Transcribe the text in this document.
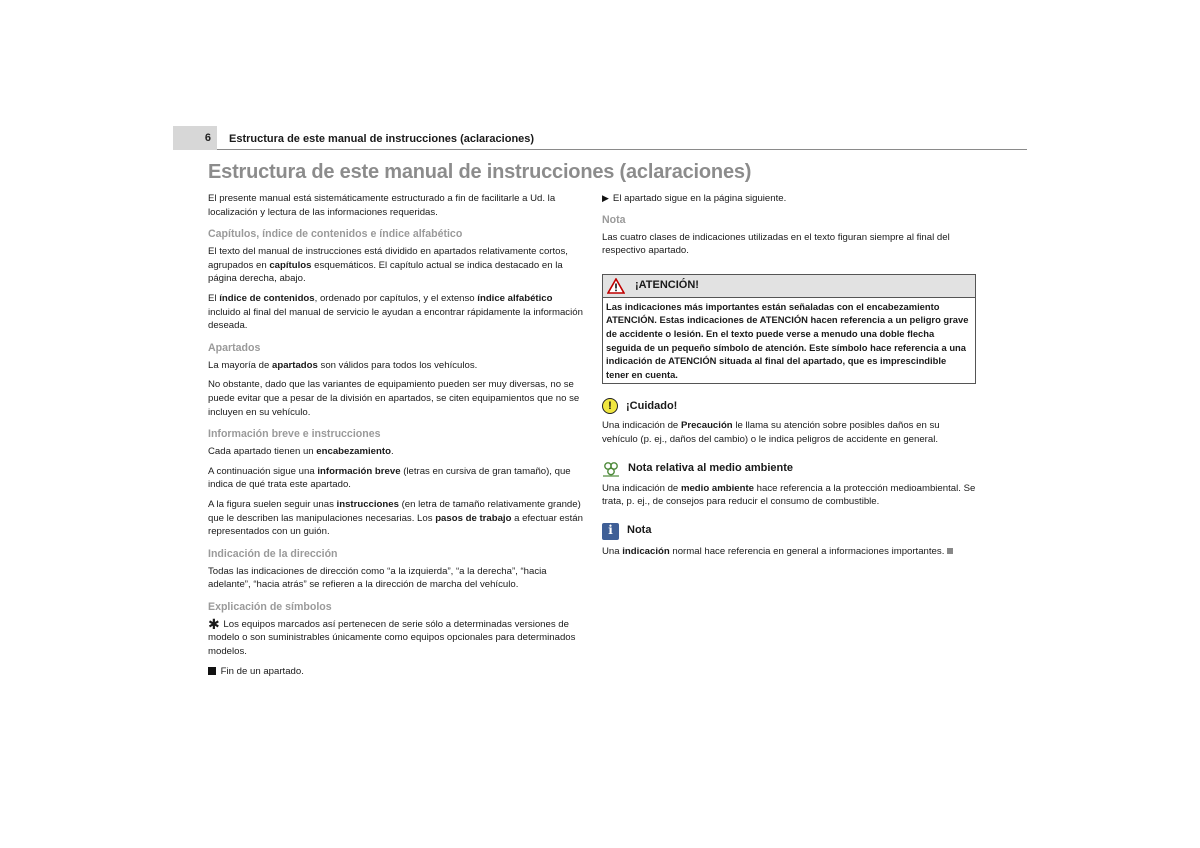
6	Estructura de este manual de instrucciones (aclaraciones)
Estructura de este manual de instrucciones (aclaraciones)

El presente manual está sistemáticamente estructurado a fin de facilitarle a Ud. la localización y lectura de las informaciones requeridas.

Capítulos, índice de contenidos e índice alfabético

El texto del manual de instrucciones está dividido en apartados relativamente cortos, agrupados en capítulos esquemáticos. El capítulo actual se indica destacado en la página derecha, abajo.

El índice de contenidos, ordenado por capítulos, y el extenso índice alfabético incluido al final del manual de servicio le ayudan a encontrar rápidamente la información deseada.

Apartados

La mayoría de apartados son válidos para todos los vehículos.

No obstante, dado que las variantes de equipamiento pueden ser muy diversas, no se puede evitar que a pesar de la división en apartados, se citen equipamientos que no se incluyen en su vehículo.

Información breve e instrucciones

Cada apartado tienen un encabezamiento.

A continuación sigue una información breve (letras en cursiva de gran tamaño), que indica de qué trata este apartado.

A la figura suelen seguir unas instrucciones (en letra de tamaño relativamente grande) que le describen las manipulaciones necesarias. Los pasos de trabajo a efectuar están representados con un guión.

Indicación de la dirección

Todas las indicaciones de dirección como “a la izquierda”, “a la derecha”, “hacia adelante”, “hacia atrás” se refieren a la dirección de marcha del vehículo.

Explicación de símbolos

✱ Los equipos marcados así pertenecen de serie sólo a determinadas versiones de modelo o son suministrables únicamente como equipos opcionales para determinados modelos.

Fin de un apartado.

▶ El apartado sigue en la página siguiente.
Nota

Las cuatro clases de indicaciones utilizadas en el texto figuran siempre al final del respectivo apartado.

¡ATENCIÓN!
Las indicaciones más importantes están señaladas con el encabezamiento ATENCIÓN. Estas indicaciones de ATENCIÓN hacen referencia a un peligro grave de accidente o lesión. En el texto puede verse a menudo una doble flecha seguida de un pequeño símbolo de atención. Este símbolo hace referencia a una indicación de ATENCIÓN situada al final del apartado, que es imprescindible tener en cuenta.
!	¡Cuidado!

Una indicación de Precaución le llama su atención sobre posibles daños en su vehículo (p. ej., daños del cambio) o le indica peligros de accidente en general.

Nota relativa al medio ambiente

Una indicación de medio ambiente hace referencia a la protección medioambiental. Se trata, p. ej., de consejos para reducir el consumo de combustible.

i	Nota

Una indicación normal hace referencia en general a informaciones importantes.
